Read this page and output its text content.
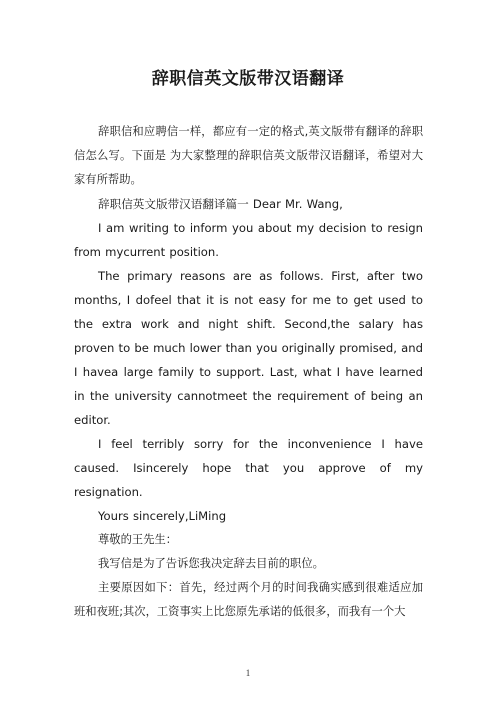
辞职信英文版带汉语翻译

辞职信和应聘信一样，都应有一定的格式,英文版带有翻译的辞职信怎么写。下面是 为大家整理的辞职信英文版带汉语翻译，希望对大家有所帮助。

辞职信英文版带汉语翻译篇一 Dear Mr. Wang,

I am writing to inform you about my decision to resign from mycurrent position.

The primary reasons are as follows. First, after two months, I dofeel that it is not easy for me to get used to the extra work and night shift. Second,the salary has proven to be much lower than you originally promised, and I havea large family to support. Last, what I have learned in the university cannotmeet the requirement of being an editor.

I feel terribly sorry for the inconvenience I have caused. Isincerely hope that you approve of my resignation.

Yours sincerely,LiMing

尊敬的王先生：

我写信是为了告诉您我决定辞去目前的职位。

主要原因如下：首先，经过两个月的时间我确实感到很难适应加班和夜班;其次，工资事实上比您原先承诺的低很多，而我有一个大

1
